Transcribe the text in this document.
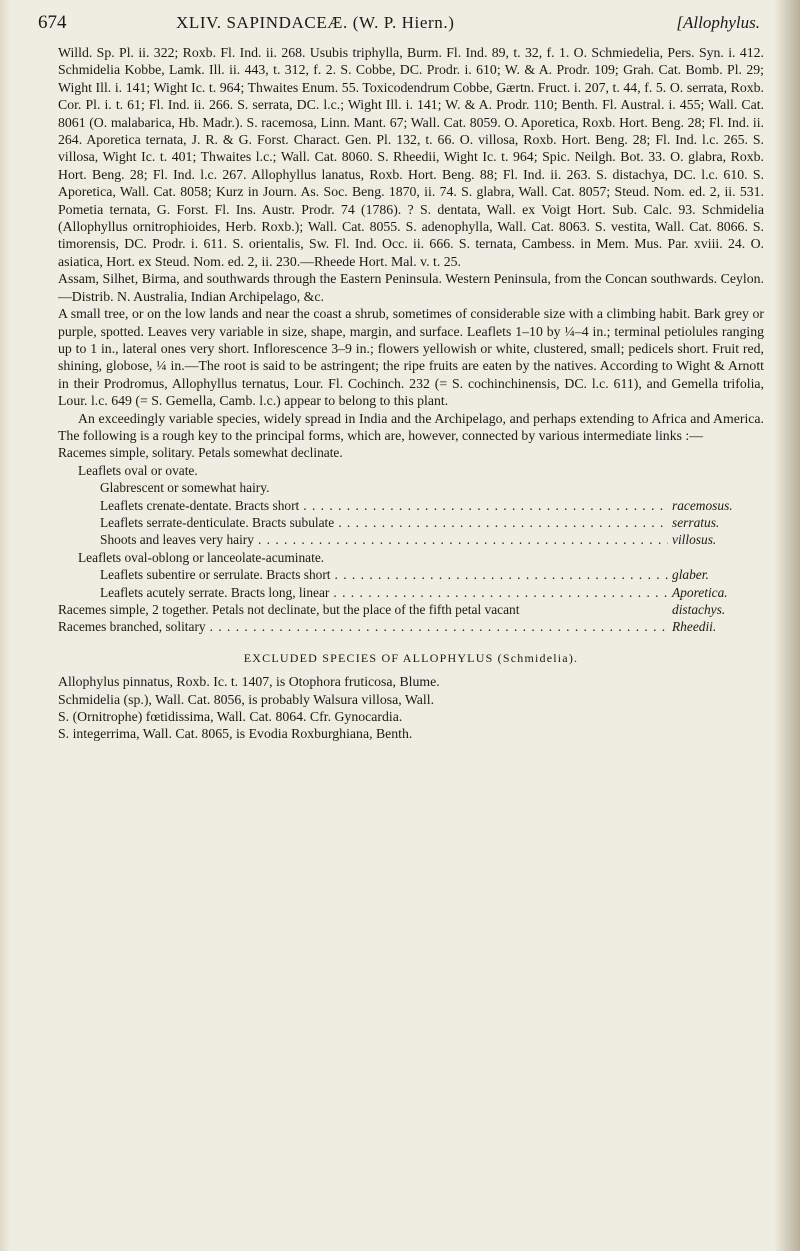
674	XLIV. SAPINDACEÆ. (W. P. Hiern.)	[Allophylus.

Willd. Sp. Pl. ii. 322; Roxb. Fl. Ind. ii. 268. Usubis triphylla, Burm. Fl. Ind. 89, t. 32, f. 1. O. Schmiedelia, Pers. Syn. i. 412. Schmidelia Kobbe, Lamk. Ill. ii. 443, t. 312, f. 2. S. Cobbe, DC. Prodr. i. 610; W. & A. Prodr. 109; Grah. Cat. Bomb. Pl. 29; Wight Ill. i. 141; Wight Ic. t. 964; Thwaites Enum. 55. Toxicodendrum Cobbe, Gærtn. Fruct. i. 207, t. 44, f. 5. O. serrata, Roxb. Cor. Pl. i. t. 61; Fl. Ind. ii. 266. S. serrata, DC. l.c.; Wight Ill. i. 141; W. & A. Prodr. 110; Benth. Fl. Austral. i. 455; Wall. Cat. 8061 (O. malabarica, Hb. Madr.). S. racemosa, Linn. Mant. 67; Wall. Cat. 8059. O. Aporetica, Roxb. Hort. Beng. 28; Fl. Ind. ii. 264. Aporetica ternata, J. R. & G. Forst. Charact. Gen. Pl. 132, t. 66. O. villosa, Roxb. Hort. Beng. 28; Fl. Ind. l.c. 265. S. villosa, Wight Ic. t. 401; Thwaites l.c.; Wall. Cat. 8060. S. Rheedii, Wight Ic. t. 964; Spic. Neilgh. Bot. 33. O. glabra, Roxb. Hort. Beng. 28; Fl. Ind. l.c. 267. Allophyllus lanatus, Roxb. Hort. Beng. 88; Fl. Ind. ii. 263. S. distachya, DC. l.c. 610. S. Aporetica, Wall. Cat. 8058; Kurz in Journ. As. Soc. Beng. 1870, ii. 74. S. glabra, Wall. Cat. 8057; Steud. Nom. ed. 2, ii. 531. Pometia ternata, G. Forst. Fl. Ins. Austr. Prodr. 74 (1786). ? S. dentata, Wall. ex Voigt Hort. Sub. Calc. 93. Schmidelia (Allophyllus ornitrophioides, Herb. Roxb.); Wall. Cat. 8055. S. adenophylla, Wall. Cat. 8063. S. vestita, Wall. Cat. 8066. S. timorensis, DC. Prodr. i. 611. S. orientalis, Sw. Fl. Ind. Occ. ii. 666. S. ternata, Cambess. in Mem. Mus. Par. xviii. 24. O. asiatica, Hort. ex Steud. Nom. ed. 2, ii. 230.—Rheede Hort. Mal. v. t. 25.

Assam, Silhet, Birma, and southwards through the Eastern Peninsula. Western Peninsula, from the Concan southwards. Ceylon.—Distrib. N. Australia, Indian Archipelago, &c.

A small tree, or on the low lands and near the coast a shrub, sometimes of considerable size with a climbing habit. Bark grey or purple, spotted. Leaves very variable in size, shape, margin, and surface. Leaflets 1–10 by ¼–4 in.; terminal petiolules ranging up to 1 in., lateral ones very short. Inflorescence 3–9 in.; flowers yellowish or white, clustered, small; pedicels short. Fruit red, shining, globose, ¼ in.—The root is said to be astringent; the ripe fruits are eaten by the natives. According to Wight & Arnott in their Prodromus, Allophyllus ternatus, Lour. Fl. Cochinch. 232 (= S. cochinchinensis, DC. l.c. 611), and Gemella trifolia, Lour. l.c. 649 (= S. Gemella, Camb. l.c.) appear to belong to this plant.

An exceedingly variable species, widely spread in India and the Archipelago, and perhaps extending to Africa and America. The following is a rough key to the principal forms, which are, however, connected by various intermediate links :—

Racemes simple, solitary. Petals somewhat declinate.
Leaflets oval or ovate.
Glabrescent or somewhat hairy.
Leaflets crenate-dentate. Bracts short . . .	racemosus.
Leaflets serrate-denticulate. Bracts subulate . . .	serratus.
Shoots and leaves very hairy . . .	villosus.
Leaflets oval-oblong or lanceolate-acuminate.
Leaflets subentire or serrulate. Bracts short . . .	glaber.
Leaflets acutely serrate. Bracts long, linear . . .	Aporetica.
Racemes simple, 2 together. Petals not declinate, but the place of the fifth petal vacant	distachys.
Racemes branched, solitary . . .	Rheedii.
EXCLUDED SPECIES OF ALLOPHYLUS (Schmidelia).

Allophylus pinnatus, Roxb. Ic. t. 1407, is Otophora fruticosa, Blume.

Schmidelia (sp.), Wall. Cat. 8056, is probably Walsura villosa, Wall.

S. (Ornitrophe) fœtidissima, Wall. Cat. 8064. Cfr. Gynocardia.

S. integerrima, Wall. Cat. 8065, is Evodia Roxburghiana, Benth.
